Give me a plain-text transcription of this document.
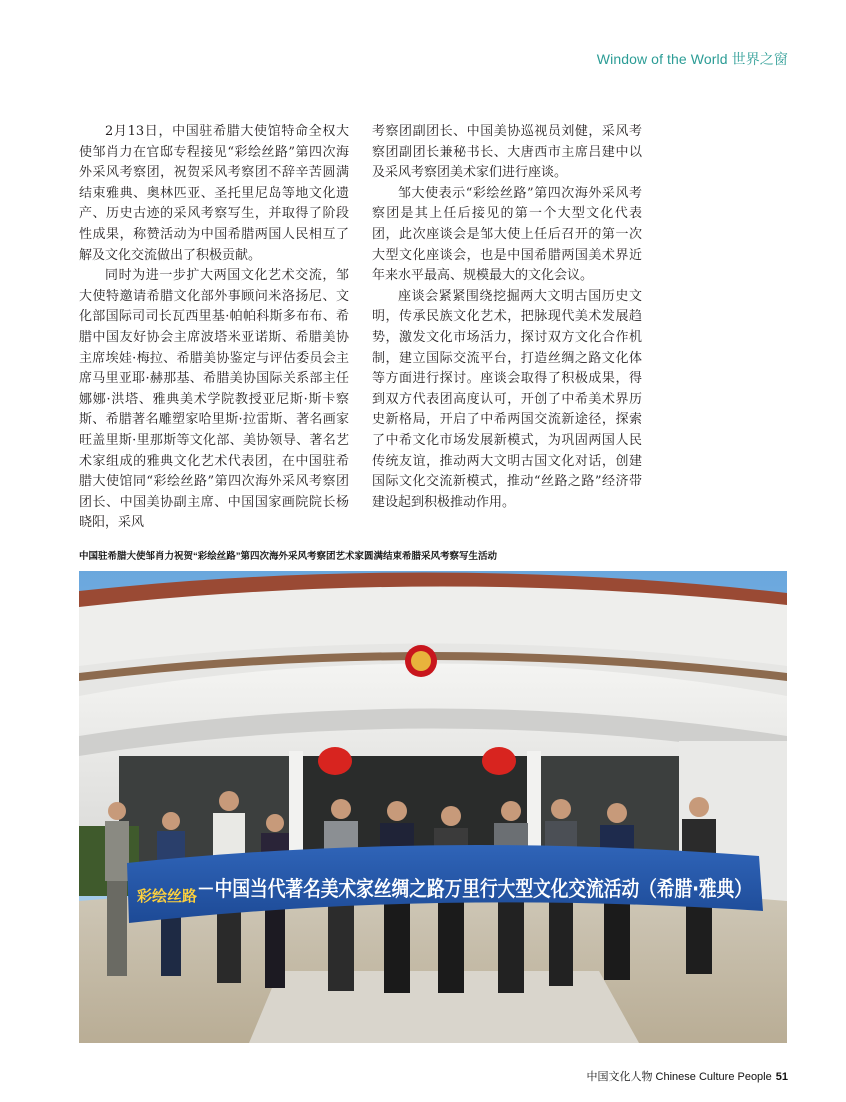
Window of the World 世界之窗

2月13日，中国驻希腊大使馆特命全权大使邹肖力在官邸专程接见“彩绘丝路”第四次海外采风考察团，祝贺采风考察团不辞辛苦圆满结束雅典、奥林匹亚、圣托里尼岛等地文化遗产、历史古迹的采风考察写生，并取得了阶段性成果，称赞活动为中国希腊两国人民相互了解及文化交流做出了积极贡献。

同时为进一步扩大两国文化艺术交流，邹大使特邀请希腊文化部外事顾问米洛扬尼、文化部国际司司长瓦西里基·帕帕科斯多布布、希腊中国友好协会主席波塔米亚诺斯、希腊美协主席埃娃·梅拉、希腊美协鉴定与评估委员会主席马里亚耶·赫那基、希腊美协国际关系部主任娜娜·洪塔、雅典美术学院教授亚尼斯·斯卡察斯、希腊著名雕塑家哈里斯·拉雷斯、著名画家旺盖里斯·里那斯等文化部、美协领导、著名艺术家组成的雅典文化艺术代表团，在中国驻希腊大使馆同“彩绘丝路”第四次海外采风考察团团长、中国美协副主席、中国国家画院院长杨晓阳，采风

考察团副团长、中国美协巡视员刘健，采风考察团副团长兼秘书长、大唐西市主席吕建中以及采风考察团美术家们进行座谈。

邹大使表示“彩绘丝路”第四次海外采风考察团是其上任后接见的第一个大型文化代表团，此次座谈会是邹大使上任后召开的第一次大型文化座谈会，也是中国希腊两国美术界近年来水平最高、规模最大的文化会议。

座谈会紧紧围绕挖掘两大文明古国历史文明，传承民族文化艺术，把脉现代美术发展趋势，激发文化市场活力，探讨双方文化合作机制，建立国际交流平台，打造丝绸之路文化体等方面进行探讨。座谈会取得了积极成果，得到双方代表团高度认可，开创了中希美术界历史新格局，开启了中希两国交流新途径，探索了中希文化市场发展新模式，为巩固两国人民传统友谊，推动两大文明古国文化对话，创建国际文化交流新模式，推动“丝路之路”经济带建设起到积极推动作用。

中国驻希腊大使邹肖力祝贺“彩绘丝路”第四次海外采风考察团艺术家圆满结束希腊采风考察写生活动
彩绘丝路 －中国当代著名美术家丝绸之路万里行大型文化交流活动（希腊·雅典）
中国文化人物 Chinese Culture People 51
